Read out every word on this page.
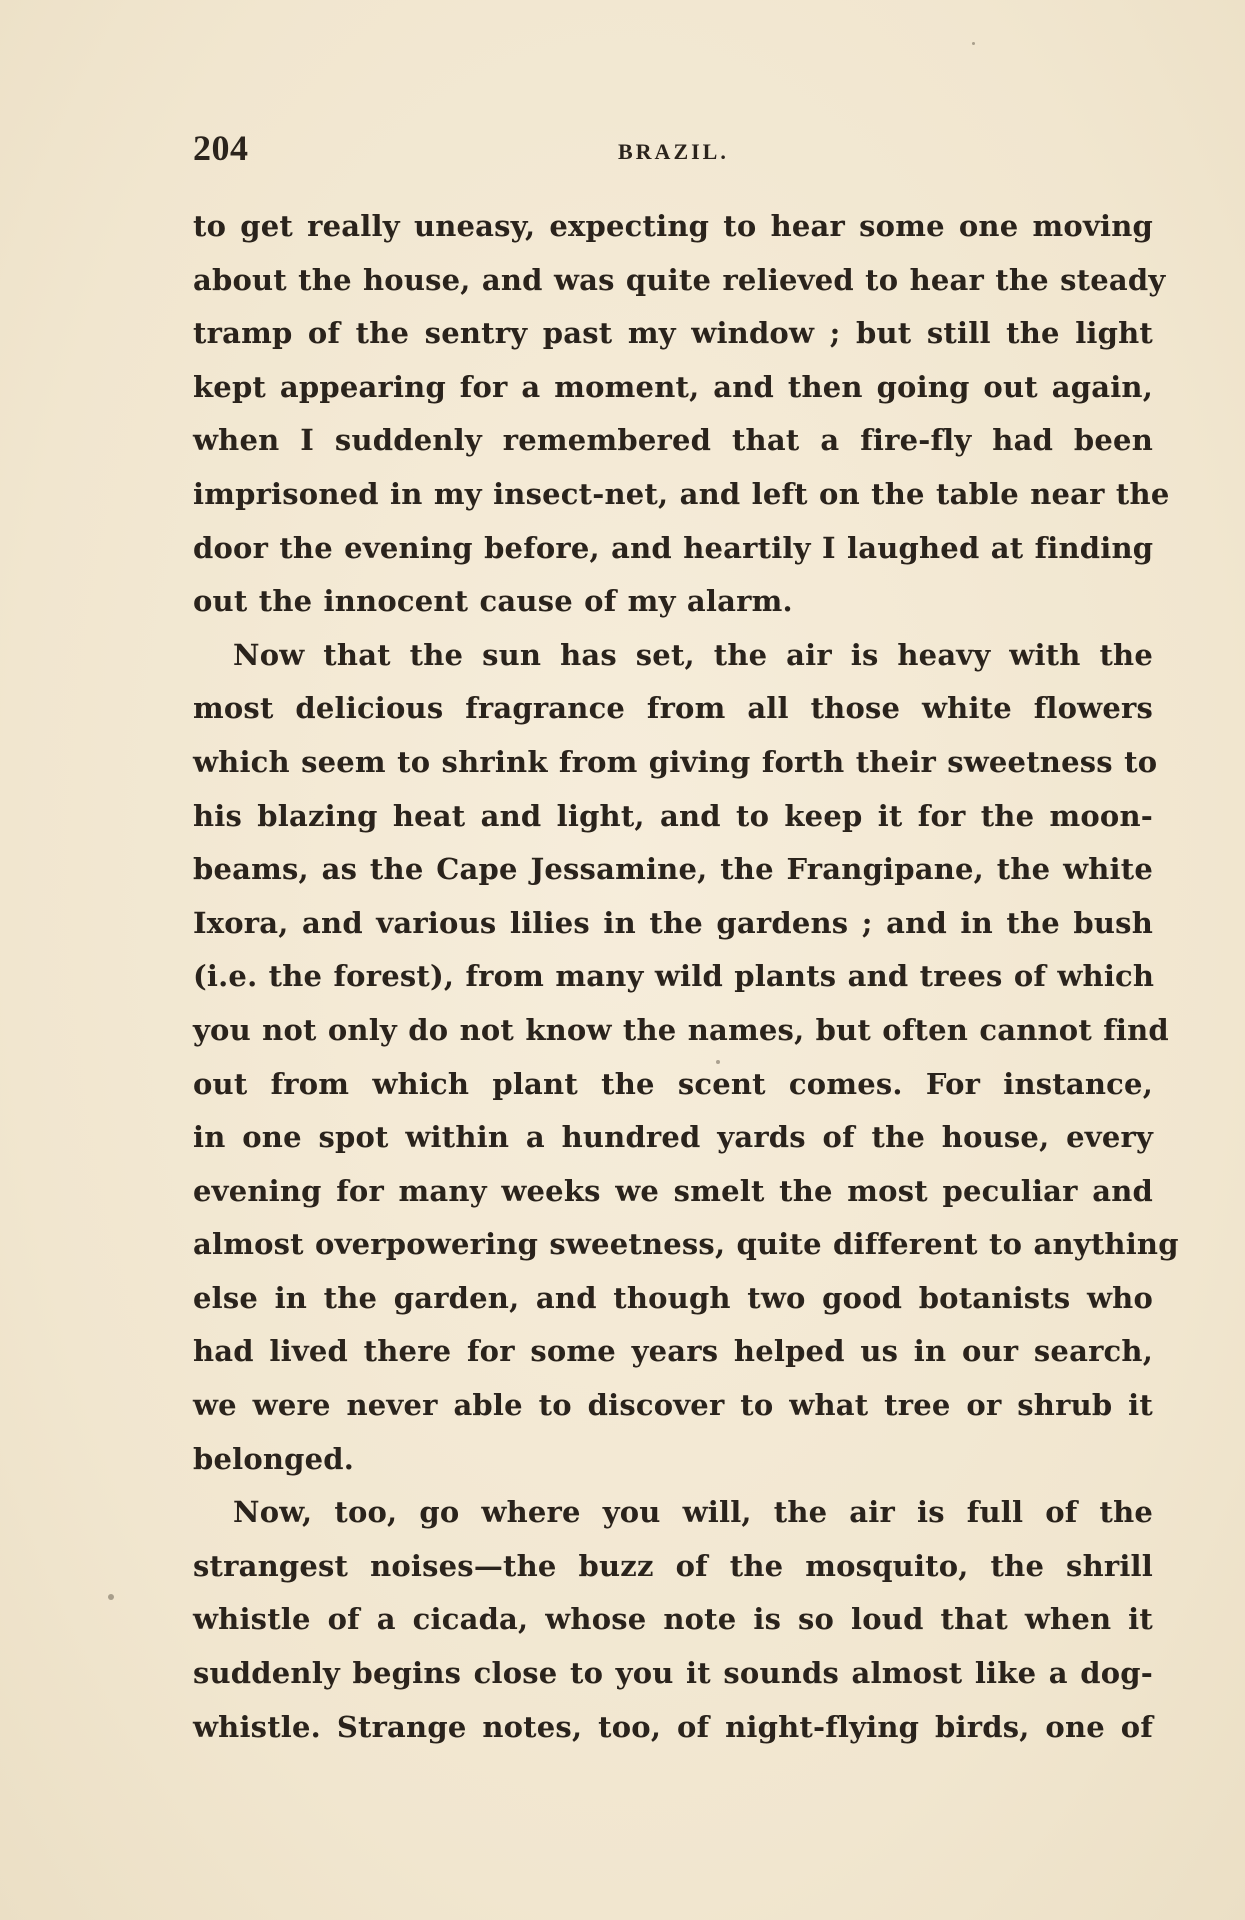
204	BRAZIL.
to get really uneasy, expecting to hear some one moving
about the house, and was quite relieved to hear the steady
tramp of the sentry past my window ; but still the light
kept appearing for a moment, and then going out again,
when I suddenly remembered that a fire-fly had been
imprisoned in my insect-net, and left on the table near the
door the evening before, and heartily I laughed at finding
out the innocent cause of my alarm.
Now that the sun has set, the air is heavy with the
most delicious fragrance from all those white flowers
which seem to shrink from giving forth their sweetness to
his blazing heat and light, and to keep it for the moon-
beams, as the Cape Jessamine, the Frangipane, the white
Ixora, and various lilies in the gardens ; and in the bush
(i.e. the forest), from many wild plants and trees of which
you not only do not know the names, but often cannot find
out from which plant the scent comes. For instance,
in one spot within a hundred yards of the house, every
evening for many weeks we smelt the most peculiar and
almost overpowering sweetness, quite different to anything
else in the garden, and though two good botanists who
had lived there for some years helped us in our search,
we were never able to discover to what tree or shrub it
belonged.
Now, too, go where you will, the air is full of the
strangest noises—the buzz of the mosquito, the shrill
whistle of a cicada, whose note is so loud that when it
suddenly begins close to you it sounds almost like a dog-
whistle. Strange notes, too, of night-flying birds, one of
